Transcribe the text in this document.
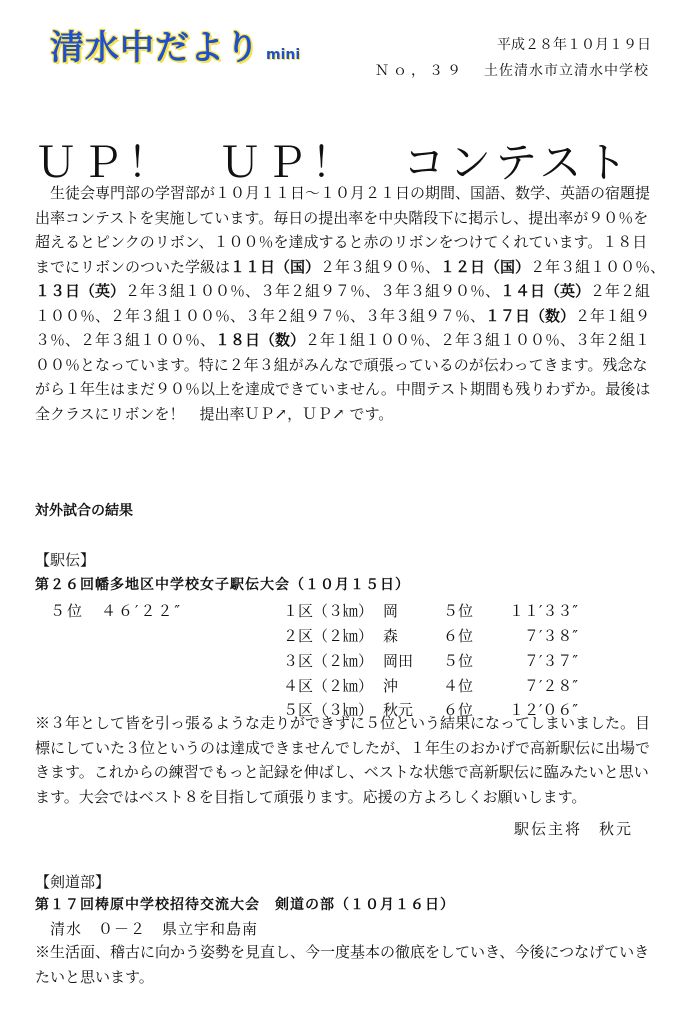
清水中だより mini
平成２８年１０月１９日
Ｎｏ，３９ 土佐清水市立清水中学校
ＵＰ！　ＵＰ！　コンテスト
生徒会専門部の学習部が１０月１１日〜１０月２１日の期間、国語、数学、英語の宿題提
出率コンテストを実施しています。毎日の提出率を中央階段下に掲示し、提出率が９０％を
超えるとピンクのリボン、１００％を達成すると赤のリボンをつけてくれています。１８日
までにリボンのついた学級は１１日（国）２年３組９０％、１２日（国）２年３組１００％、
１３日（英）２年３組１００％、３年２組９７％、３年３組９０％、１４日（英）２年２組
１００％、２年３組１００％、３年２組９７％、３年３組９７％、１７日（数）２年１組９
３％、２年３組１００％、１８日（数）２年１組１００％、２年３組１００％、３年２組１
００％となっています。特に２年３組がみんなで頑張っているのが伝わってきます。残念な
がら１年生はまだ９０％以上を達成できていません。中間テスト期間も残りわずか。最後は
全クラスにリボンを！　提出率ＵＰ↗，ＵＰ↗ です。
対外試合の結果
【駅伝】
第２６回幡多地区中学校女子駅伝大会（１０月１５日）
５位　４６′２２″	１区（３㎞） 岡	５位	１１′３３″
２区（２㎞） 森	６位	７′３８″
３区（２㎞） 岡田 ５位	７′３７″
４区（２㎞） 沖	４位	７′２８″
５区（３㎞） 秋元 ６位	１２′０６″
※３年として皆を引っ張るような走りができずに５位という結果になってしまいました。目
標にしていた３位というのは達成できませんでしたが、１年生のおかげで高新駅伝に出場で
きます。これからの練習でもっと記録を伸ばし、ベストな状態で高新駅伝に臨みたいと思い
ます。大会ではベスト８を目指して頑張ります。応援の方よろしくお願いします。
駅伝主将　秋元
【剣道部】
第１７回梼原中学校招待交流大会　剣道の部（１０月１６日）
清水　０－２　県立宇和島南
※生活面、稽古に向かう姿勢を見直し、今一度基本の徹底をしていき、今後につなげていき
たいと思います。
